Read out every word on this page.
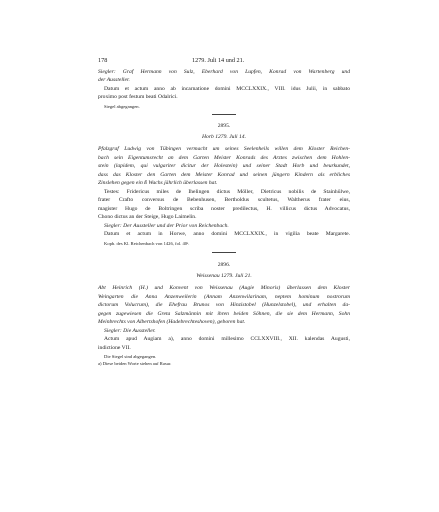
178	1279. Juli 14 und 21.
Siegler: Graf Hermann von Sulz, Eberhard von Lupfen, Konrad von Wartenberg und
der Aussteller.
Datum et actum anno ab incarnatione domini MCCLXXIX., VIII. idus Julii, in sabbato
proximo post festum beati Odalrici.
Siegel abgegangen.
2895.
Horb 1279. Juli 14.
Pfalzgraf Ludwig von Tübingen vermacht um seines Seelenheils willen dem Kloster Reichen-
bach sein Eigentumsrecht an dem Garten Meister Konrads des Arztes zwischen dem Hohlen-
stein (lapidem, qui vulgariter dicitur der Holestein) und seiner Stadt Horb und beurkundet,
dass das Kloster den Garten dem Meister Konrad und seinen jüngern Kindern als erbliches
Zinslehen gegen ein ß Wachs jährlich überlassen hat.
Testes: Fridericus miles de Ihelingen dictus Möller, Dietricus nobilis de Stainhûlwe,
frater Crafto conversus de Bebenhusen, Bertholdus scultetus, Waltherus frater eius,
magister Hugo de Boltringen scriba noster predilectus, H. villicus dictus Advocatus,
Chono dictus an der Steige, Hugo Laimelin.
Siegler: Der Aussteller und der Prior von Reichenbach.
Datum et actum in Horwe, anno domini MCCLXXIX., in vigilia beate Margarete.
Kopb. des Kl. Reichenbach von 1426, fol. 40ᵃ.
2896.
Weissenau 1279. Juli 21.
Abt Heinrich (H.) und Konvent von Weissenau (Augie Minoris) überlassen dem Kloster
Weingarten die Anna Anzenweilerin (Annam Anzenwilarinam, neptem hominum nostrorum
dictorum Volucrum), die Ehefrau Brunos von Hinzistobel (Hunzelstobel), und erhalten da-
gegen zugewiesen die Greta Salzmännin mit ihren beiden Söhnen, die sie dem Hermann, Sohn
Meinbrechts von Albertshofen (Hadebrechteshoven), geboren hat.
Siegler: Die Aussteller.
Actum apud Augiam a), anno domini millesimo CCLXXVIII., XII. kalendas Augusti,
indictione VII.
Die Siegel sind abgegangen.
a) Diese beiden Worte stehen auf Rasur.
